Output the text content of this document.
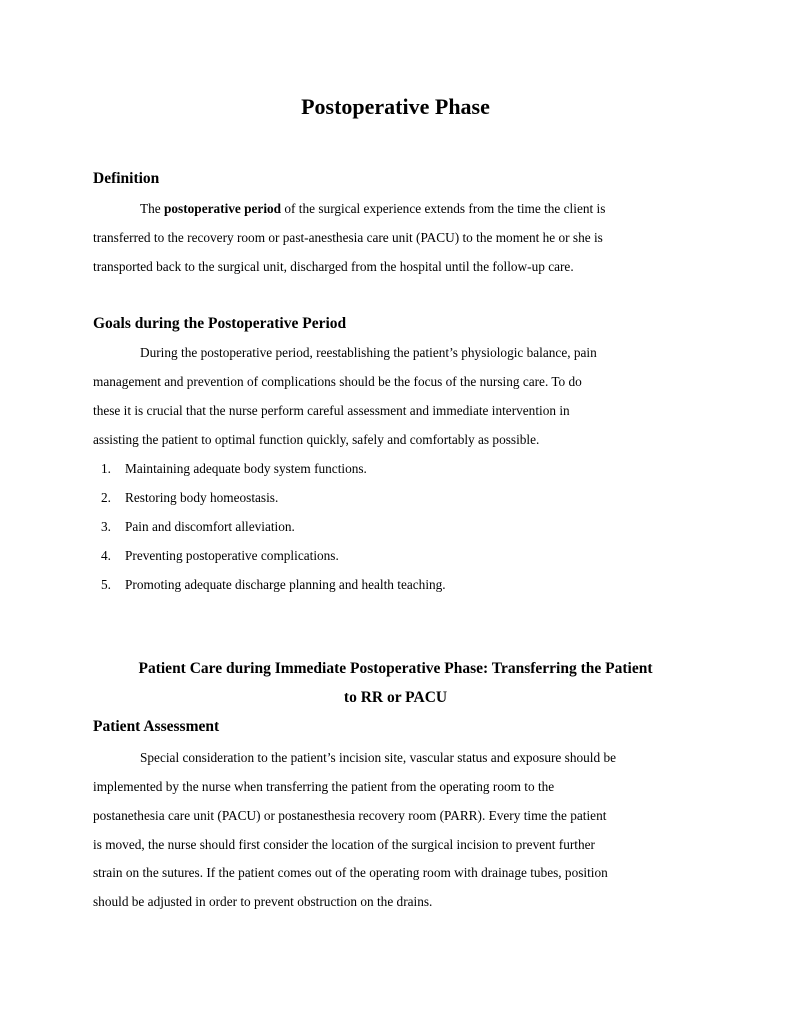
Postoperative Phase
Definition
The postoperative period of the surgical experience extends from the time the client is
transferred to the recovery room or past-anesthesia care unit (PACU) to the moment he or she is
transported back to the surgical unit, discharged from the hospital until the follow-up care.
Goals during the Postoperative Period
During the postoperative period, reestablishing the patient’s physiologic balance, pain
management and prevention of complications should be the focus of the nursing care. To do
these it is crucial that the nurse perform careful assessment and immediate intervention in
assisting the patient to optimal function quickly, safely and comfortably as possible.
1. Maintaining adequate body system functions.
2. Restoring body homeostasis.
3. Pain and discomfort alleviation.
4. Preventing postoperative complications.
5. Promoting adequate discharge planning and health teaching.
Patient Care during Immediate Postoperative Phase: Transferring the Patient
to RR or PACU
Patient Assessment
Special consideration to the patient’s incision site, vascular status and exposure should be
implemented by the nurse when transferring the patient from the operating room to the
postanethesia care unit (PACU) or postanesthesia recovery room (PARR). Every time the patient
is moved, the nurse should first consider the location of the surgical incision to prevent further
strain on the sutures. If the patient comes out of the operating room with drainage tubes, position
should be adjusted in order to prevent obstruction on the drains.
